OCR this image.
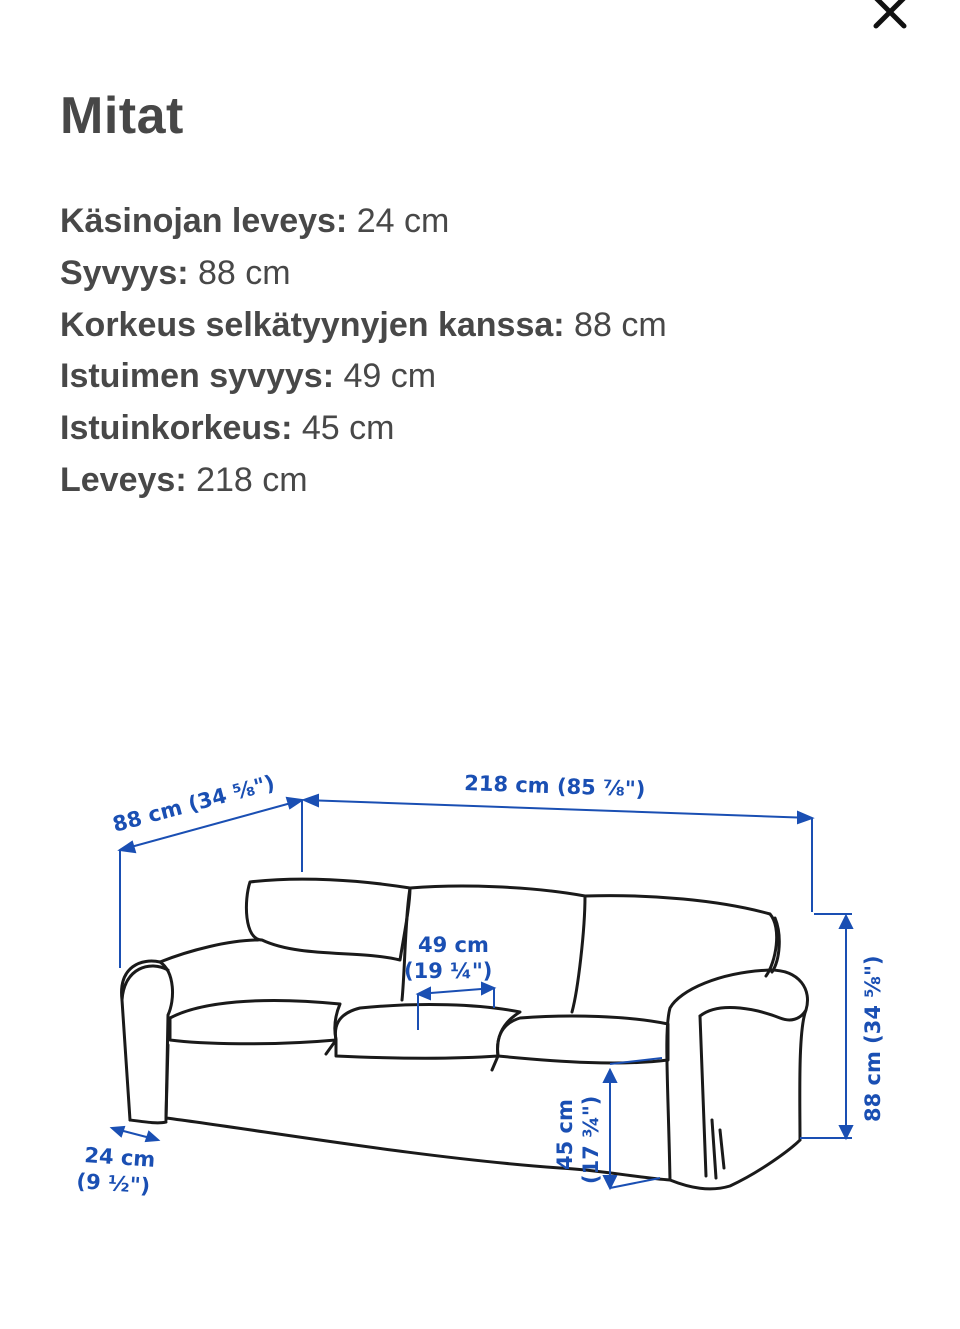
Mitat
Käsinojan leveys: 24 cm
Syvyys: 88 cm
Korkeus selkätyynyjen kanssa: 88 cm
Istuimen syvyys: 49 cm
Istuinkorkeus: 45 cm
Leveys: 218 cm
218 cm (85 ⅞")
88 cm (34 ⅝")
49 cm
(19 ¼")
24 cm
(9 ½")
45 cm (17 ¾")
88 cm (34 ⅝")
